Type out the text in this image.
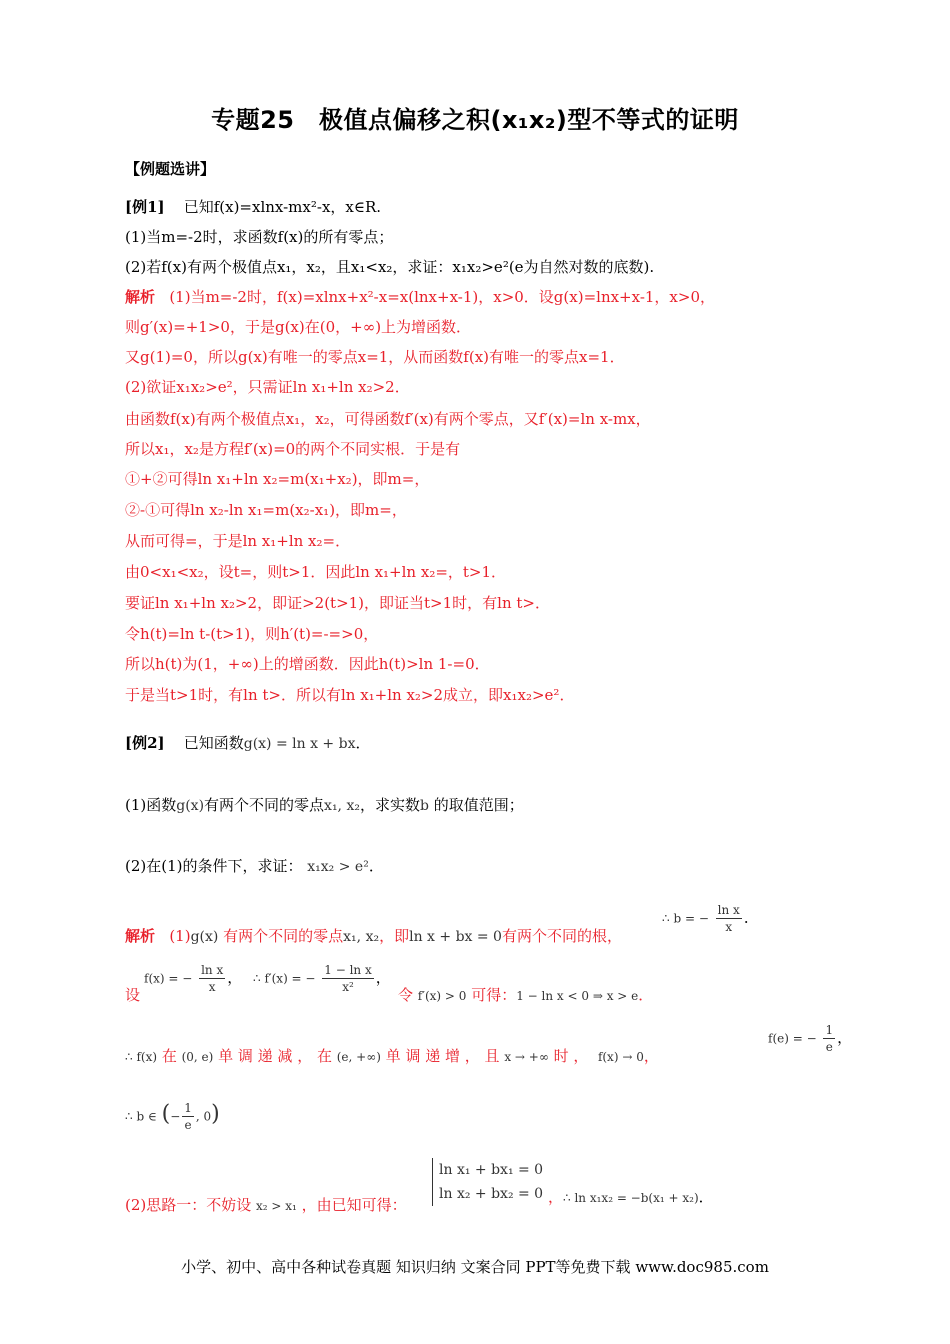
专题25　极值点偏移之积(x₁x₂)型不等式的证明
【例题选讲】
[例1] 已知f(x)=xlnx-mx²-x，x∈R.
(1)当m=-2时，求函数f(x)的所有零点；
(2)若f(x)有两个极值点x₁，x₂，且x₁<x₂，求证：x₁x₂>e²(e为自然对数的底数).
解析 (1)当m=-2时，f(x)=xlnx+x²-x=x(lnx+x-1)，x>0．设g(x)=lnx+x-1，x>0，
则g′(x)=+1>0，于是g(x)在(0，+∞)上为增函数．
又g(1)=0，所以g(x)有唯一的零点x=1，从而函数f(x)有唯一的零点x=1．
(2)欲证x₁x₂>e²，只需证ln x₁+ln x₂>2．
由函数f(x)有两个极值点x₁，x₂，可得函数f′(x)有两个零点，又f′(x)=ln x-mx，
所以x₁，x₂是方程f′(x)=0的两个不同实根．于是有
①+②可得ln x₁+ln x₂=m(x₁+x₂)，即m=，
②-①可得ln x₂-ln x₁=m(x₂-x₁)，即m=，
从而可得=，于是ln x₁+ln x₂=．
由0<x₁<x₂，设t=，则t>1．因此ln x₁+ln x₂=，t>1．
要证ln x₁+ln x₂>2，即证>2(t>1)，即证当t>1时，有ln t>．
令h(t)=ln t-(t>1)，则h′(t)=-=>0，
所以h(t)为(1，+∞)上的增函数．因此h(t)>ln 1-=0．
于是当t>1时，有ln t>．所以有ln x₁+ln x₂>2成立，即x₁x₂>e²．
[例2] 已知函数g(x) = ln x + bx．
(1)函数g(x)有两个不同的零点x₁, x₂，求实数b 的取值范围；
(2)在(1)的条件下，求证： x₁x₂ > e²．
解析 (1)g(x) 有两个不同的零点x₁, x₂，即ln x + bx = 0有两个不同的根，
∴ b = − $\frac{\text{ln x}}{x}$ ．
设
f(x) = − $\frac{\text{ln x}}{x}$ ， ∴ f′(x) = − $\frac{\text{1 − ln x}}{\text{x²}}$ ，
令 f′(x) > 0 可得：1 − ln x < 0 ⇒ x > e．
∴ f(x) 在 (0, e) 单 调 递 减 ， 在 (e, +∞) 单 调 递 增 ， 且 x → +∞ 时 ， f(x) → 0，
f(e) = − $\frac{1}{e}$ ，
∴ b ∈ (− $\frac{1}{e}$ , 0)
(2)思路一：不妨设 x₂ > x₁ ，由已知可得：
ln x₁ + bx₁ = 0
ln x₂ + bx₂ = 0 ，∴ ln x₁x₂ = −b(x₁ + x₂)．
小学、初中、高中各种试卷真题 知识归纳 文案合同 PPT等免费下载 www.doc985.com
